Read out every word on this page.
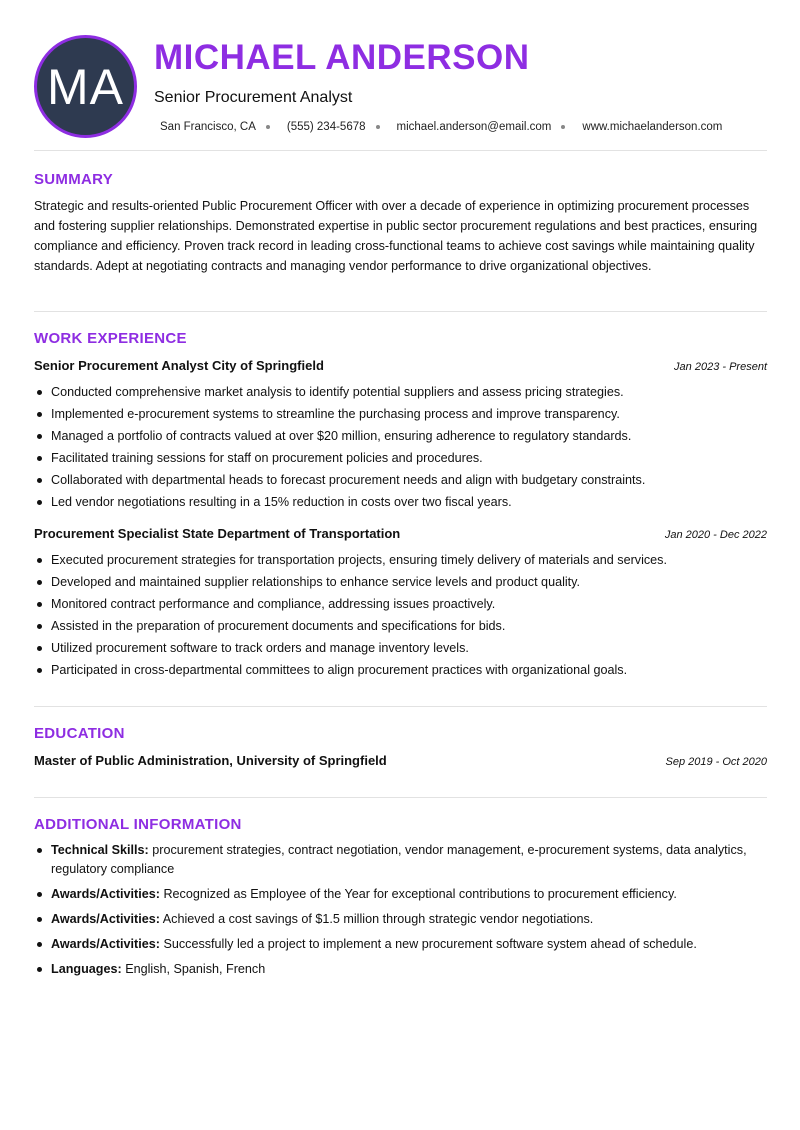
MA
MICHAEL ANDERSON
Senior Procurement Analyst
San Francisco, CA	(555) 234-5678	michael.anderson@email.com	www.michaelanderson.com
SUMMARY
Strategic and results-oriented Public Procurement Officer with over a decade of experience in optimizing procurement processes and fostering supplier relationships. Demonstrated expertise in public sector procurement regulations and best practices, ensuring compliance and efficiency. Proven track record in leading cross-functional teams to achieve cost savings while maintaining quality standards. Adept at negotiating contracts and managing vendor performance to drive organizational objectives.
WORK EXPERIENCE
Senior Procurement Analyst City of Springfield	Jan 2023 - Present
Conducted comprehensive market analysis to identify potential suppliers and assess pricing strategies.
Implemented e-procurement systems to streamline the purchasing process and improve transparency.
Managed a portfolio of contracts valued at over $20 million, ensuring adherence to regulatory standards.
Facilitated training sessions for staff on procurement policies and procedures.
Collaborated with departmental heads to forecast procurement needs and align with budgetary constraints.
Led vendor negotiations resulting in a 15% reduction in costs over two fiscal years.
Procurement Specialist State Department of Transportation	Jan 2020 - Dec 2022
Executed procurement strategies for transportation projects, ensuring timely delivery of materials and services.
Developed and maintained supplier relationships to enhance service levels and product quality.
Monitored contract performance and compliance, addressing issues proactively.
Assisted in the preparation of procurement documents and specifications for bids.
Utilized procurement software to track orders and manage inventory levels.
Participated in cross-departmental committees to align procurement practices with organizational goals.
EDUCATION
Master of Public Administration, University of Springfield	Sep 2019 - Oct 2020
ADDITIONAL INFORMATION
Technical Skills: procurement strategies, contract negotiation, vendor management, e-procurement systems, data analytics, regulatory compliance
Awards/Activities: Recognized as Employee of the Year for exceptional contributions to procurement efficiency.
Awards/Activities: Achieved a cost savings of $1.5 million through strategic vendor negotiations.
Awards/Activities: Successfully led a project to implement a new procurement software system ahead of schedule.
Languages: English, Spanish, French
